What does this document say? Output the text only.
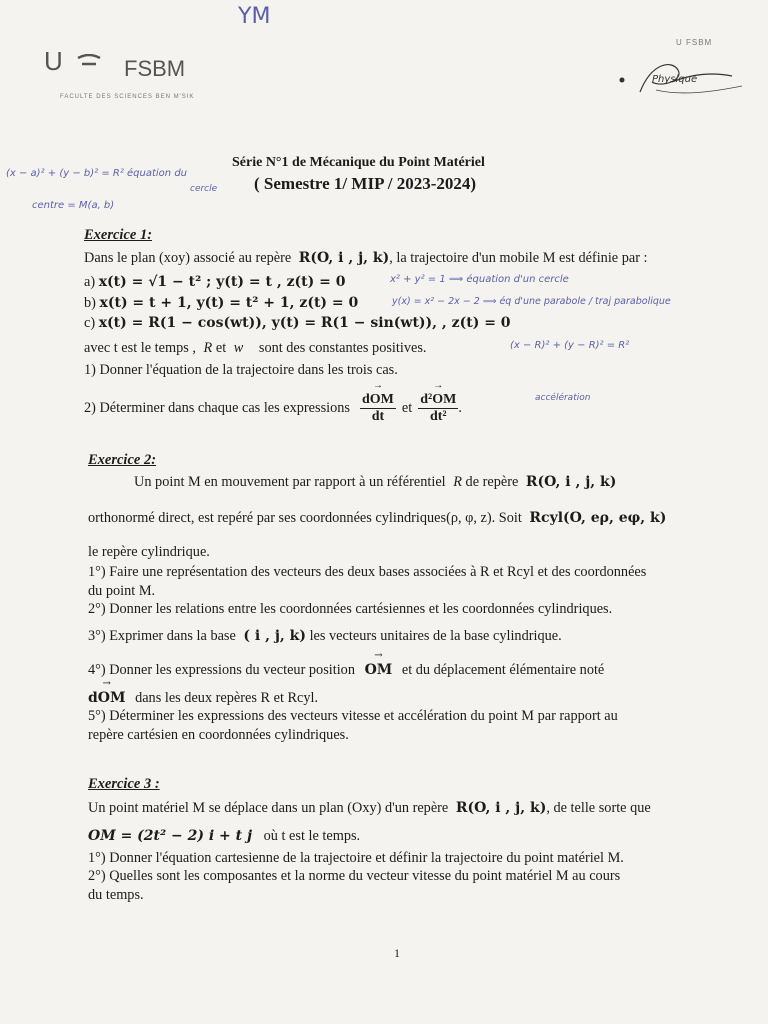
YM
U	FSBM
FACULTE DES SCIENCES BEN M'SIK
U FSBM
Physique
Série N°1 de Mécanique du Point Matériel
( Semestre 1/ MIP / 2023-2024)
(x − a)² + (y − b)² = R² équation du
cercle
centre = M(a, b)
Exercice 1:
Dans le plan (xoy) associé au repère R(O, i , j, k), la trajectoire d'un mobile M est définie par :
a) x(t) = √1 − t² ; y(t) = t , z(t) = 0
b) x(t) = t + 1, y(t) = t² + 1, z(t) = 0
c) x(t) = R(1 − cos(wt)), y(t) = R(1 − sin(wt)), , z(t) = 0
x² + y² = 1 ⟹ équation d'un cercle
y(x) = x² − 2x − 2 ⟹ éq d'une parabole / traj parabolique
avec t est le temps , R et w sont des constantes positives.	(x − R)² + (y − R)² = R²
1) Donner l'équation de la trajectoire dans les trois cas.
2) Déterminer dans chaque cas les expressions → $\frac{\text{dOM}}{dt}$ et → $\frac{\text{d²OM}}{\text{dt²}}$ .
accélération
Exercice 2:
Un point M en mouvement par rapport à un référentiel R de repère R(O, i , j, k)
orthonormé direct, est repéré par ses coordonnées cylindriques(ρ, φ, z). Soit Rcyl(O, eρ, eφ, k)
le repère cylindrique.
1°) Faire une représentation des vecteurs des deux bases associées à R et Rcyl et des coordonnées
du point M.
2°) Donner les relations entre les coordonnées cartésiennes et les coordonnées cylindriques.
3°) Exprimer dans la base ( i , j, k) les vecteurs unitaires de la base cylindrique.
4°) Donner les expressions du vecteur position → OM et du déplacement élémentaire noté
→ dOM dans les deux repères R et Rcyl.
5°) Déterminer les expressions des vecteurs vitesse et accélération du point M par rapport au
repère cartésien en coordonnées cylindriques.
Exercice 3 :
Un point matériel M se déplace dans un plan (Oxy) d'un repère R(O, i , j, k), de telle sorte que
OM = (2t² − 2) i + t j où t est le temps.
1°) Donner l'équation cartesienne de la trajectoire et définir la trajectoire du point matériel M.
2°) Quelles sont les composantes et la norme du vecteur vitesse du point matériel M au cours
du temps.
1
